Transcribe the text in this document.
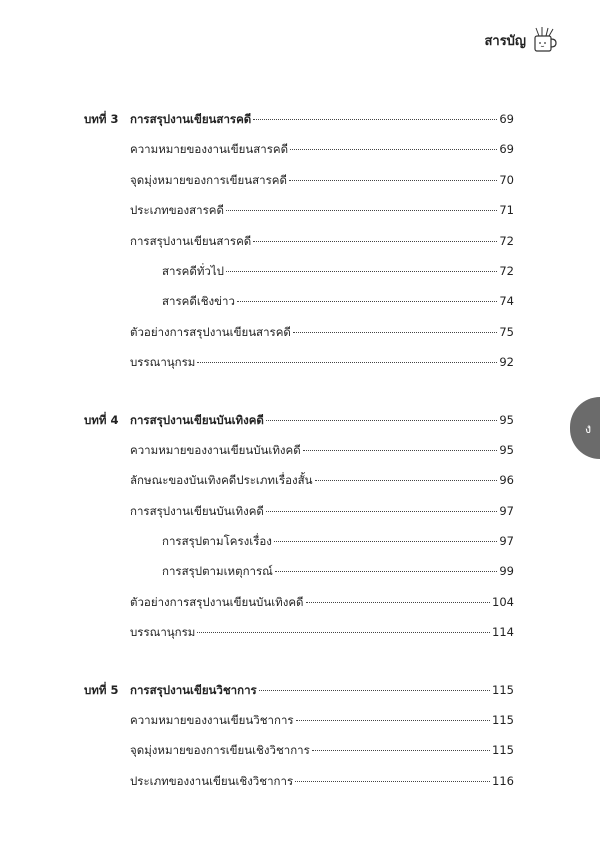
สารบัญ
ง
บทที่ 3	การสรุปงานเขียนสารคดี	69
ความหมายของงานเขียนสารคดี	69
จุดมุ่งหมายของการเขียนสารคดี	70
ประเภทของสารคดี	71
การสรุปงานเขียนสารคดี	72
สารคดีทั่วไป	72
สารคดีเชิงข่าว	74
ตัวอย่างการสรุปงานเขียนสารคดี	75
บรรณานุกรม	92
บทที่ 4	การสรุปงานเขียนบันเทิงคดี	95
ความหมายของงานเขียนบันเทิงคดี	95
ลักษณะของบันเทิงคดีประเภทเรื่องสั้น	96
การสรุปงานเขียนบันเทิงคดี	97
การสรุปตามโครงเรื่อง	97
การสรุปตามเหตุการณ์	99
ตัวอย่างการสรุปงานเขียนบันเทิงคดี	104
บรรณานุกรม	114
บทที่ 5	การสรุปงานเขียนวิชาการ	115
ความหมายของงานเขียนวิชาการ	115
จุดมุ่งหมายของการเขียนเชิงวิชาการ	115
ประเภทของงานเขียนเชิงวิชาการ	116
